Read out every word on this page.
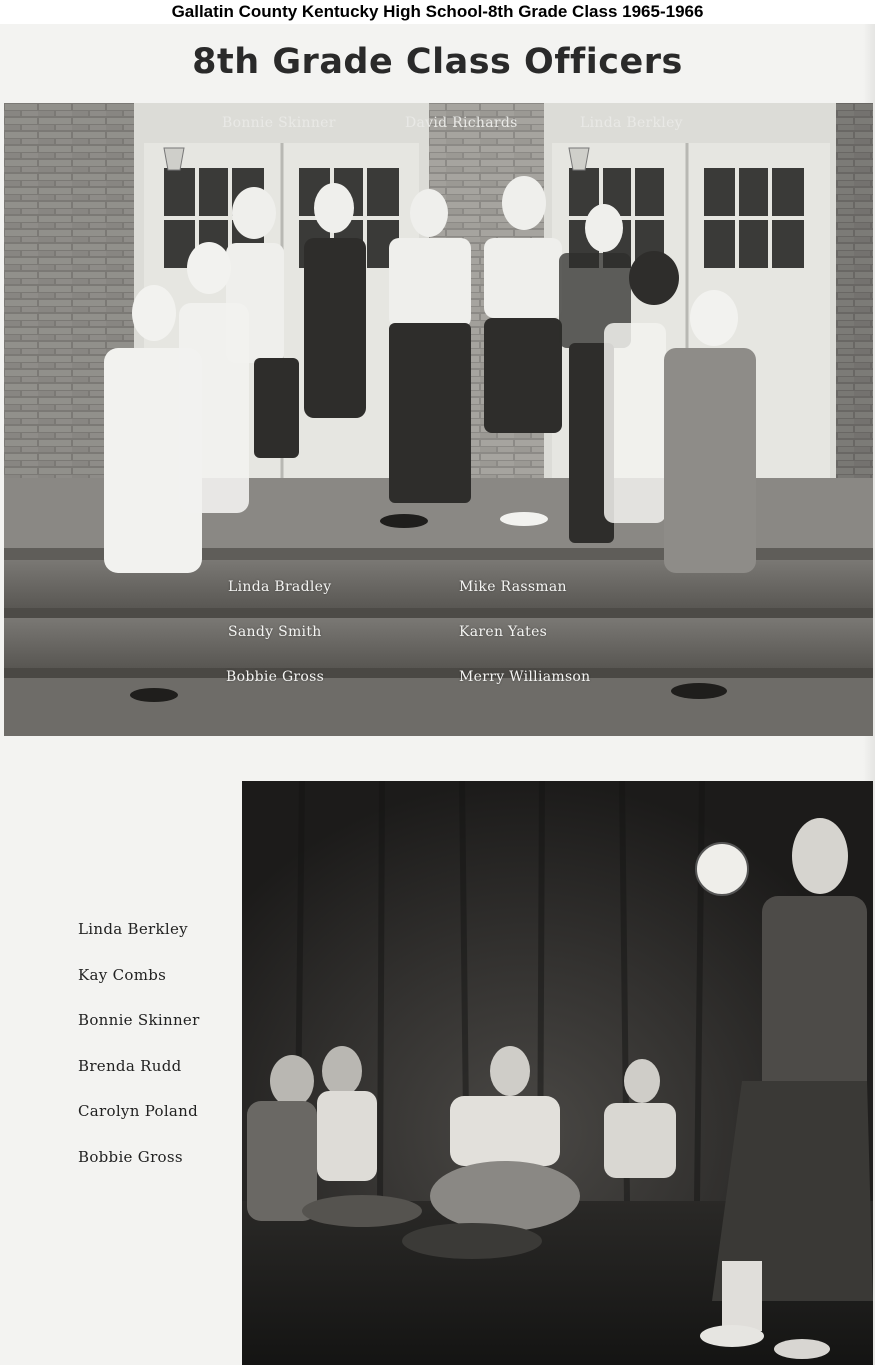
Gallatin County Kentucky High School-8th Grade Class 1965-1966
8th Grade Class Officers
Bonnie Skinner	David Richards	Linda Berkley
Linda Bradley
Sandy Smith
Bobbie Gross
Mike Rassman
Karen Yates
Merry Williamson
Linda Berkley
Kay Combs
Bonnie Skinner
Brenda Rudd
Carolyn Poland
Bobbie Gross
